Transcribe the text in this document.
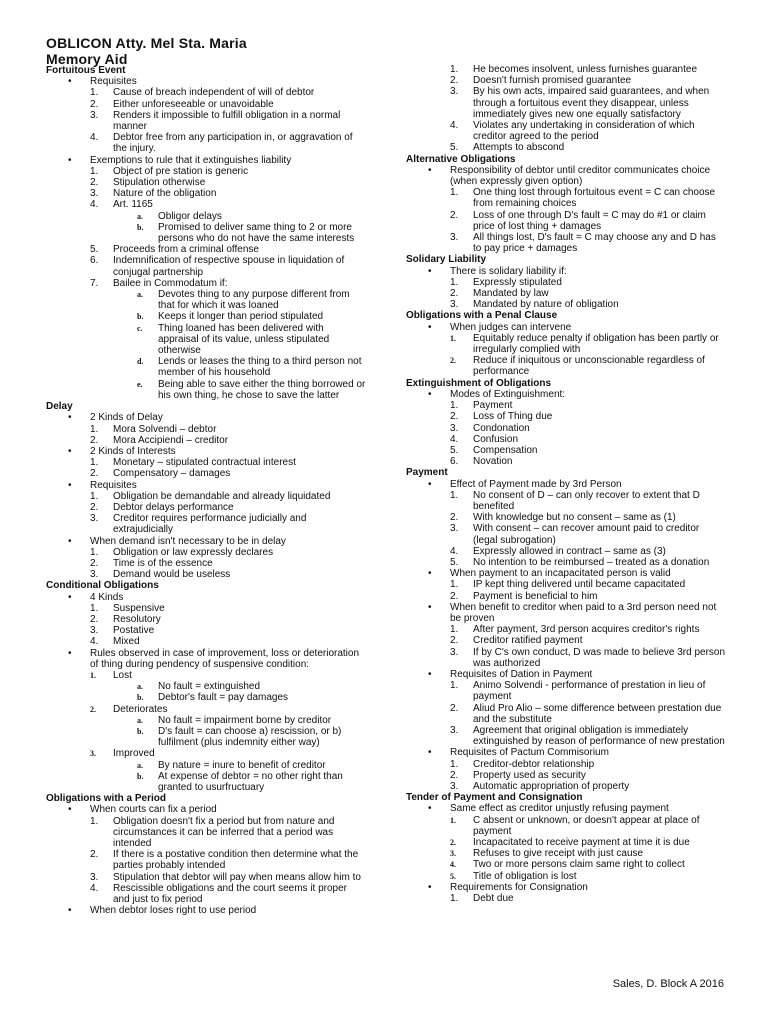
OBLICON Atty. Mel Sta. Maria
Memory Aid
Fortuitous Event
• Requisites
1. Cause of breach independent of will of debtor
2. Either unforeseeable or unavoidable
3. Renders it impossible to fulfill obligation in a normal manner
4. Debtor free from any participation in, or aggravation of the injury.
• Exemptions to rule that it extinguishes liability
1. Object of pre station is generic
2. Stipulation otherwise
3. Nature of the obligation
4. Art. 1165
a. Obligor delays
b. Promised to deliver same thing to 2 or more persons who do not have the same interests
5. Proceeds from a criminal offense
6. Indemnification of respective spouse in liquidation of conjugal partnership
7. Bailee in Commodatum if:
a. Devotes thing to any purpose different from that for which it was loaned
b. Keeps it longer than period stipulated
c. Thing loaned has been delivered with appraisal of its value, unless stipulated otherwise
d. Lends or leases the thing to a third person not member of his household
e. Being able to save either the thing borrowed or his own thing, he chose to save the latter
Delay
• 2 Kinds of Delay
1. Mora Solvendi – debtor
2. Mora Accipiendi – creditor
• 2 Kinds of Interests
1. Monetary – stipulated contractual interest
2. Compensatory – damages
• Requisites
1. Obligation be demandable and already liquidated
2. Debtor delays performance
3. Creditor requires performance judicially and extrajudicially
• When demand isn't necessary to be in delay
1. Obligation or law expressly declares
2. Time is of the essence
3. Demand would be useless
Conditional Obligations
• 4 Kinds
1. Suspensive
2. Resolutory
3. Postative
4. Mixed
• Rules observed in case of improvement, loss or deterioration of thing during pendency of suspensive condition:
1. Lost
a. No fault = extinguished
b. Debtor's fault = pay damages
2. Deteriorates
a. No fault = impairment borne by creditor
b. D's fault = can choose a) rescission, or b) fulfilment (plus indemnity either way)
3. Improved
a. By nature = inure to benefit of creditor
b. At expense of debtor = no other right than granted to usurfructuary
Obligations with a Period
• When courts can fix a period
1. Obligation doesn't fix a period but from nature and circumstances it can be inferred that a period was intended
2. If there is a postative condition then determine what the parties probably intended
3. Stipulation that debtor will pay when means allow him to
4. Rescissible obligations and the court seems it proper and just to fix period
• When debtor loses right to use period
1. He becomes insolvent, unless furnishes guarantee
2. Doesn't furnish promised guarantee
3. By his own acts, impaired said guarantees, and when through a fortuitous event they disappear, unless immediately gives new one equally satisfactory
4. Violates any undertaking in consideration of which creditor agreed to the period
5. Attempts to abscond
Alternative Obligations
• Responsibility of debtor until creditor communicates choice (when expressly given option)
1. One thing lost through fortuitous event = C can choose from remaining choices
2. Loss of one through D's fault = C may do #1 or claim price of lost thing + damages
3. All things lost, D's fault = C may choose any and D has to pay price + damages
Solidary Liability
• There is solidary liability if:
1. Expressly stipulated
2. Mandated by law
3. Mandated by nature of obligation
Obligations with a Penal Clause
• When judges can intervene
1. Equitably reduce penalty if obligation has been partly or irregularly complied with
2. Reduce if iniquitous or unconscionable regardless of performance
Extinguishment of Obligations
• Modes of Extinguishment:
1. Payment
2. Loss of Thing due
3. Condonation
4. Confusion
5. Compensation
6. Novation
Payment
• Effect of Payment made by 3rd Person
1. No consent of D – can only recover to extent that D benefited
2. With knowledge but no consent – same as (1)
3. With consent – can recover amount paid to creditor (legal subrogation)
4. Expressly allowed in contract – same as (3)
5. No intention to be reimbursed – treated as a donation
• When payment to an incapacitated person is valid
1. IP kept thing delivered until became capacitated
2. Payment is beneficial to him
• When benefit to creditor when paid to a 3rd person need not be proven
1. After payment, 3rd person acquires creditor's rights
2. Creditor ratified payment
3. If by C's own conduct, D was made to believe 3rd person was authorized
• Requisites of Dation in Payment
1. Animo Solvendi - performance of prestation in lieu of payment
2. Aliud Pro Alio – some difference between prestation due and the substitute
3. Agreement that original obligation is immediately extinguished by reason of performance of new prestation
• Requisites of Pactum Commisorium
1. Creditor-debtor relationship
2. Property used as security
3. Automatic appropriation of property
Tender of Payment and Consignation
• Same effect as creditor unjustly refusing payment
1. C absent or unknown, or doesn't appear at place of payment
2. Incapacitated to receive payment at time it is due
3. Refuses to give receipt with just cause
4. Two or more persons claim same right to collect
5. Title of obligation is lost
• Requirements for Consignation
1. Debt due
Sales, D. Block A 2016
